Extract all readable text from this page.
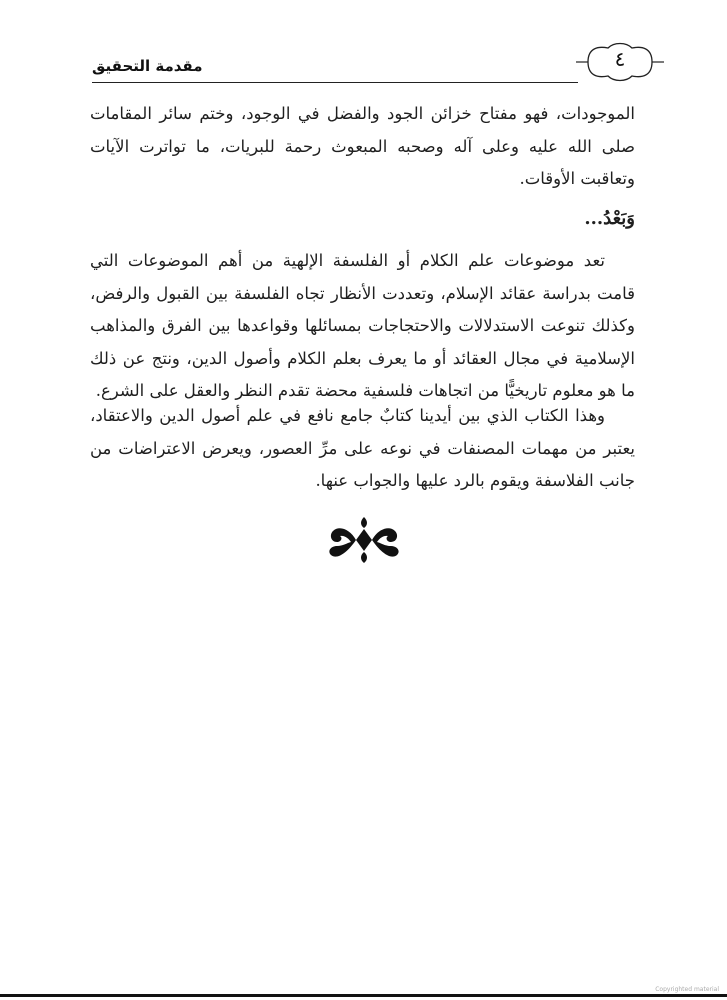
مقدمة التحقيق	٤
الموجودات، فهو مفتاح خزائن الجود والفضل في الوجود، وختم سائر المقامات صلى الله عليه وعلى آله وصحبه المبعوث رحمة للبريات، ما تواترت الآيات وتعاقبت الأوقات.
وَبَعْدُ...
تعد موضوعات علم الكلام أو الفلسفة الإلهية من أهم الموضوعات التي قامت بدراسة عقائد الإسلام، وتعددت الأنظار تجاه الفلسفة بين القبول والرفض، وكذلك تنوعت الاستدلالات والاحتجاجات بمسائلها وقواعدها بين الفرق والمذاهب الإسلامية في مجال العقائد أو ما يعرف بعلم الكلام وأصول الدين، ونتج عن ذلك ما هو معلوم تاريخيًّا من اتجاهات فلسفية محضة تقدم النظر والعقل على الشرع.
وهذا الكتاب الذي بين أيدينا كتابٌ جامع نافع في علم أصول الدين والاعتقاد، يعتبر من مهمات المصنفات في نوعه على مرِّ العصور، ويعرض الاعتراضات من جانب الفلاسفة ويقوم بالرد عليها والجواب عنها.
Copyrighted material
